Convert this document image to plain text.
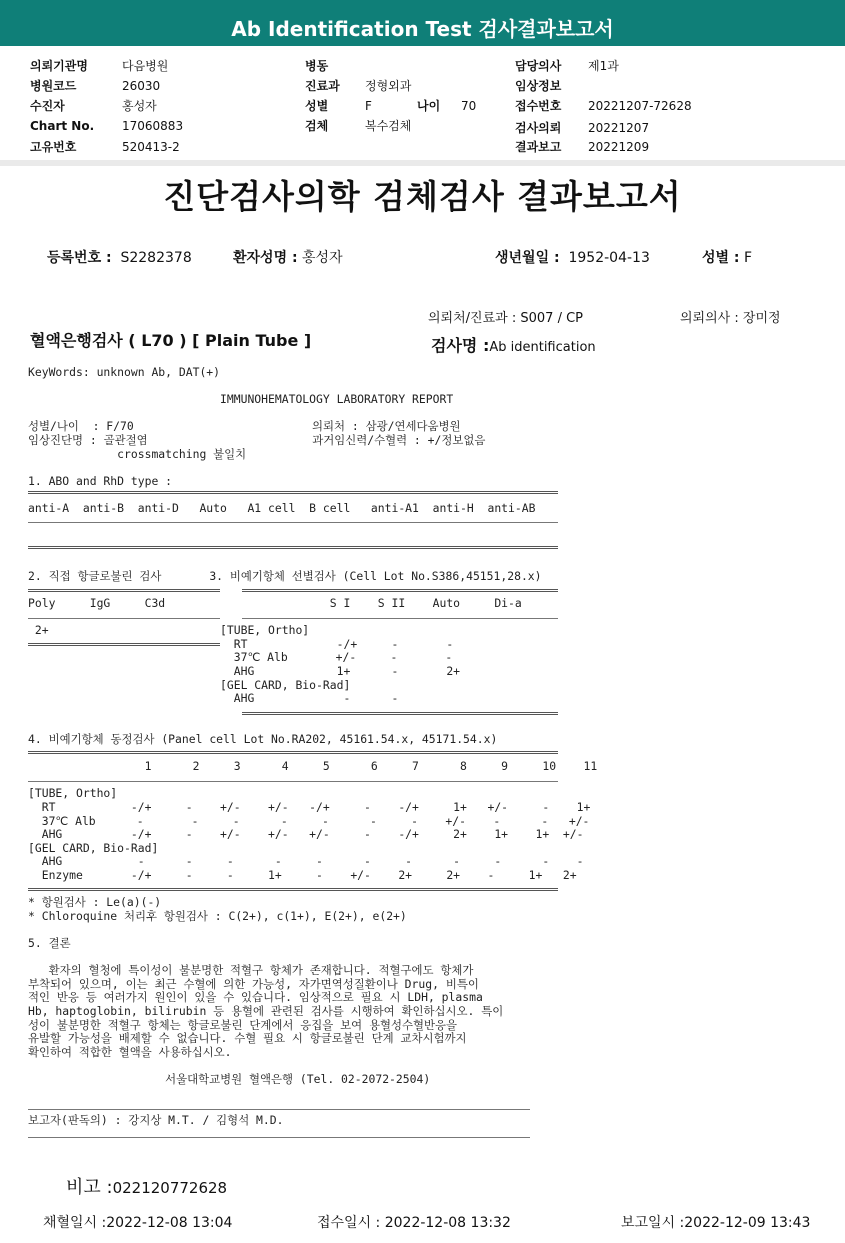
Ab Identification Test 검사결과보고서
의뢰기관명	다음병원
병원코드	26030
수진자	홍성자
Chart No. 17060883
고유번호	520413-2
병동
진료과 정형외과
성별	F	나이 70
검체	복수검체
담당의사 제1과
임상정보
접수번호 20221207-72628
검사의뢰 20221207
결과보고 20221209
진단검사의학 검체검사 결과보고서
등록번호 : S2282378	환자성명 : 홍성자	생년월일 : 1952-04-13	성별 : F
의뢰처/진료과 : S007 / CP	의뢰의사 : 장미정
혈액은행검사 ( L70 ) [ Plain Tube ]	검사명 :Ab identification
KeyWords: unknown Ab, DAT(+)
IMMUNOHEMATOLOGY LABORATORY REPORT
성별/나이  : F/70                          의뢰처 : 삼광/연세다움병원
임상진단명 : 골관절염                        과거임신력/수혈력 : +/정보없음
crossmatching 불일치
1. ABO and RhD type :
anti-A  anti-B  anti-D   Auto   A1 cell  B cell   anti-A1  anti-H  anti-AB
2. 직접 항글로불린 검사       3. 비예기항체 선별검사 (Cell Lot No.S386,45151,28.x)
Poly     IgG     C3d                        S I    S II    Auto     Di-a
2+                         [TUBE, Ortho]
RT             -/+     -       -
37℃ Alb       +/-     -       -
AHG            1+      -       2+
[GEL CARD, Bio-Rad]
AHG             -      -
4. 비예기항체 동정검사 (Panel cell Lot No.RA202, 45161.54.x, 45171.54.x)
1      2     3      4     5      6     7      8     9     10    11
[TUBE, Ortho]
RT           -/+     -    +/-    +/-   -/+     -    -/+     1+   +/-     -    1+
37℃ Alb      -       -     -      -     -      -     -    +/-    -      -   +/-
AHG          -/+     -    +/-    +/-   +/-     -    -/+     2+    1+    1+  +/-
[GEL CARD, Bio-Rad]
AHG           -      -     -      -     -      -     -      -     -      -    -
Enzyme       -/+     -     -     1+     -    +/-    2+     2+    -     1+   2+
* 항원검사 : Le(a)(-)
* Chloroquine 처리후 항원검사 : C(2+), c(1+), E(2+), e(2+)
5. 결론
환자의 혈청에 특이성이 불분명한 적혈구 항체가 존재합니다. 적혈구에도 항체가
부착되어 있으며, 이는 최근 수혈에 의한 가능성, 자가면역성질환이나 Drug, 비특이
적인 반응 등 여러가지 원인이 있을 수 있습니다. 임상적으로 필요 시 LDH, plasma
Hb, haptoglobin, bilirubin 등 용혈에 관련된 검사를 시행하여 확인하십시오. 특이
성이 불분명한 적혈구 항체는 항글로불린 단계에서 응집을 보여 용혈성수혈반응을
유발할 가능성을 배제할 수 없습니다. 수혈 필요 시 항글로불린 단계 교차시험까지
확인하여 적합한 혈액을 사용하십시오.
서울대학교병원 혈액은행 (Tel. 02-2072-2504)
보고자(판독의) : 강지상 M.T. / 김형석 M.D.
비고 :022120772628
채혈일시 :2022-12-08 13:04	접수일시 : 2022-12-08 13:32	보고일시 :2022-12-09 13:43
